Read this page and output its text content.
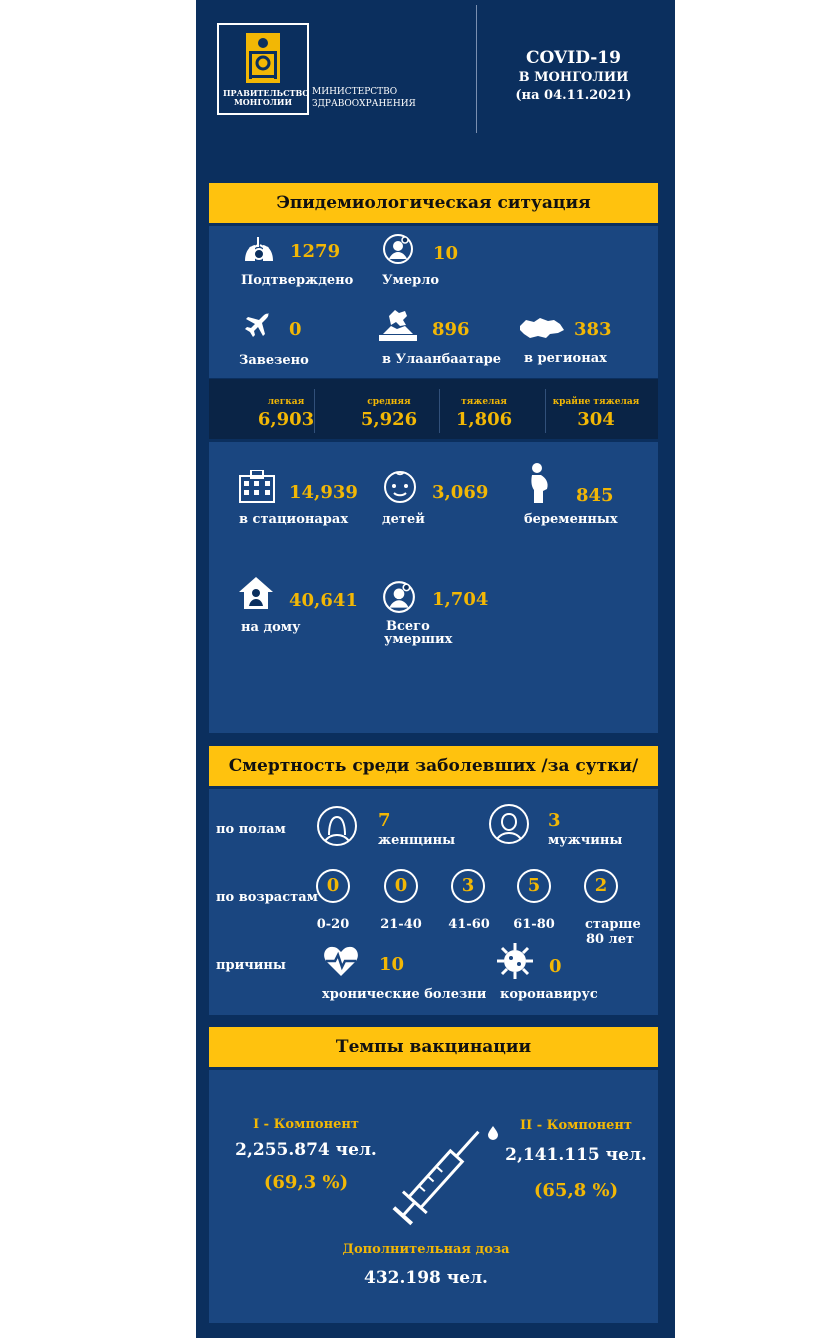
ПРАВИТЕЛЬСТВО МОНГОЛИИ
МИНИСТЕРСТВО ЗДРАВООХРАНЕНИЯ
COVID-19
В МОНГОЛИИ
(на 04.11.2021)
Эпидемиологическая ситуация
1279
Подтверждено
10
Умерло
0
Завезено
896
в Улаанбаатаре
383
в регионах
легкая
6,903
средняя
5,926
тяжелая
1,806
крайне тяжелая
304
14,939
в стационарах
3,069
детей
845
беременных
40,641
на дому
1,704
Всего
умерших
Смертность среди заболевших /за сутки/
по полам	7
женщины
3
мужчины
по возрастам
0	0	3	5	2
0-20	21-40	41-60	61-80	старше
80 лет
причины	10
хронические болезни
0
коронавирус
Темпы вакцинации
I - Компонент
2,255.874 чел.
(69,3 %)
II - Компонент
2,141.115 чел.
(65,8 %)
Дополнительная доза
432.198 чел.
